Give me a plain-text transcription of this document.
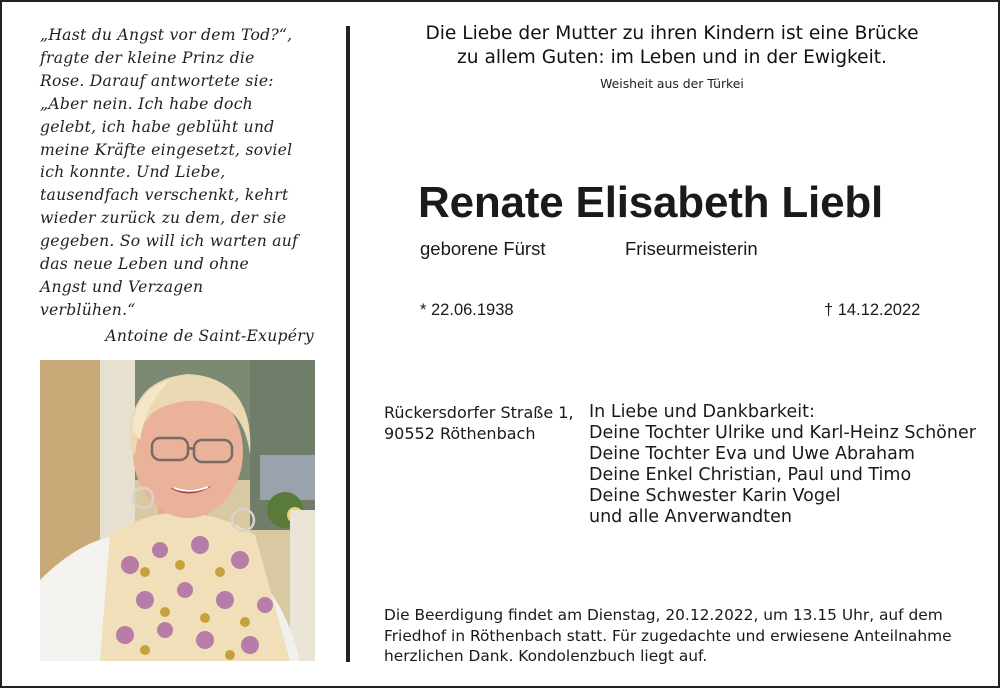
„Hast du Angst vor dem Tod?“,
fragte der kleine Prinz die
Rose. Darauf antwortete sie:
„Aber nein. Ich habe doch
gelebt, ich habe geblüht und
meine Kräfte eingesetzt, soviel
ich konnte. Und Liebe,
tausendfach verschenkt, kehrt
wieder zurück zu dem, der sie
gegeben. So will ich warten auf
das neue Leben und ohne
Angst und Verzagen
verblühen.“
Antoine de Saint-Exupéry
Die Liebe der Mutter zu ihren Kindern ist eine Brücke
zu allem Guten: im Leben und in der Ewigkeit.
Weisheit aus der Türkei
Renate Elisabeth Liebl
geborene Fürst	Friseurmeisterin
* 22.06.1938	† 14.12.2022
Rückersdorfer Straße 1,
90552 Röthenbach
In Liebe und Dankbarkeit:
Deine Tochter Ulrike und Karl-Heinz Schöner
Deine Tochter Eva und Uwe Abraham
Deine Enkel Christian, Paul und Timo
Deine Schwester Karin Vogel
und alle Anverwandten
Die Beerdigung findet am Dienstag, 20.12.2022, um 13.15 Uhr, auf dem
Friedhof in Röthenbach statt. Für zugedachte und erwiesene Anteilnahme
herzlichen Dank. Kondolenzbuch liegt auf.
